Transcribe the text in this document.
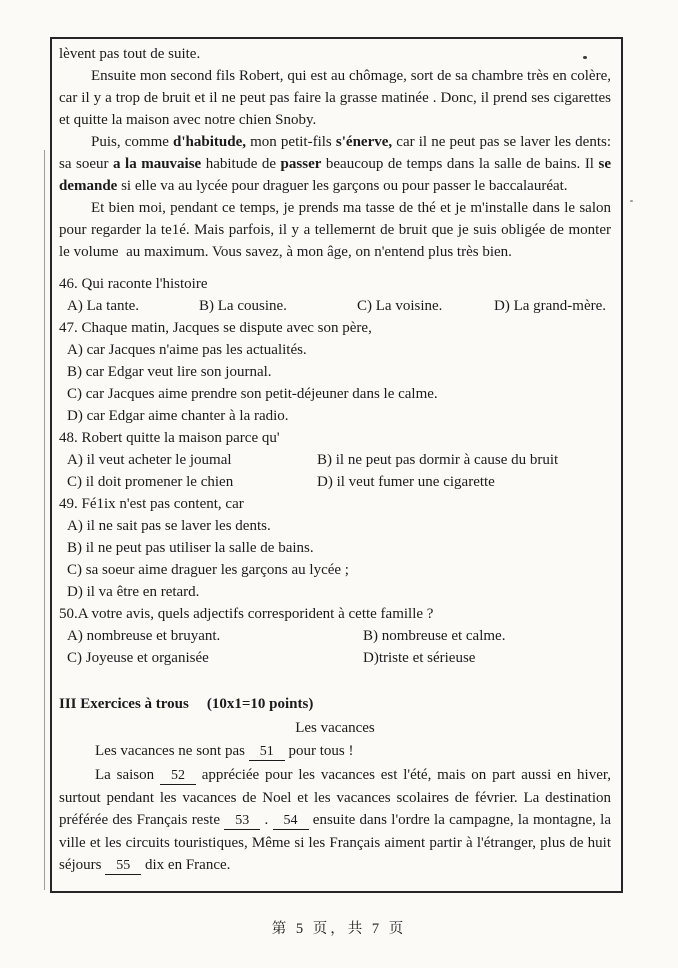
lèvent pas tout de suite.

Ensuite mon second fils Robert, qui est au chômage, sort de sa chambre très en colère, car il y a trop de bruit et il ne peut pas faire la grasse matinée . Donc, il prend ses cigarettes et quitte la maison avec notre chien Snoby.

Puis, comme d'habitude, mon petit-fils s'énerve, car il ne peut pas se laver les dents: sa soeur a la mauvaise habitude de passer beaucoup de temps dans la salle de bains. Il se demande si elle va au lycée pour draguer les garçons ou pour passer le baccalauréat.

Et bien moi, pendant ce temps, je prends ma tasse de thé et je m'installe dans le salon pour regarder la te1é. Mais parfois, il y a tellemernt de bruit que je suis obligée de monter le volume  au maximum. Vous savez, à mon âge, on n'entend plus très bien.

46. Qui raconte l'histoire
A) La tante.	B) La cousine.	C) La voisine.	D) La grand-mère.
47. Chaque matin, Jacques se dispute avec son père,
A) car Jacques n'aime pas les actualités.
B) car Edgar veut lire son journal.
C) car Jacques aime prendre son petit-déjeuner dans le calme.
D) car Edgar aime chanter à la radio.
48. Robert quitte la maison parce qu'
A) il veut acheter le joumal	B) il ne peut pas dormir à cause du bruit
C) il doit promener le chien	D) il veut fumer une cigarette
49. Fé1ix n'est pas content, car
A) il ne sait pas se laver les dents.
B) il ne peut pas utiliser la salle de bains.
C) sa soeur aime draguer les garçons au lycée ;
D) il va être en retard.
50.A votre avis, quels adjectifs corresporident à cette famille ?
A) nombreuse et bruyant.	B) nombreuse et calme.
C) Joyeuse et organisée	D)triste et sérieuse
III Exercices à trous (10x1=10 points)
Les vacances
Les vacances ne sont pas 51 pour tous !
La saison 52 appréciée pour les vacances est l'été, mais on part aussi en hiver, surtout pendant les vacances de Noel et les vacances scolaires de février. La destination préférée des Français reste 53 . 54 ensuite dans l'ordre la campagne, la montagne, la ville et les circuits touristiques, Même si les Français aiment partir à l'étranger, plus de huit séjours 55 dix en France.
第 5 页，共 7 页
